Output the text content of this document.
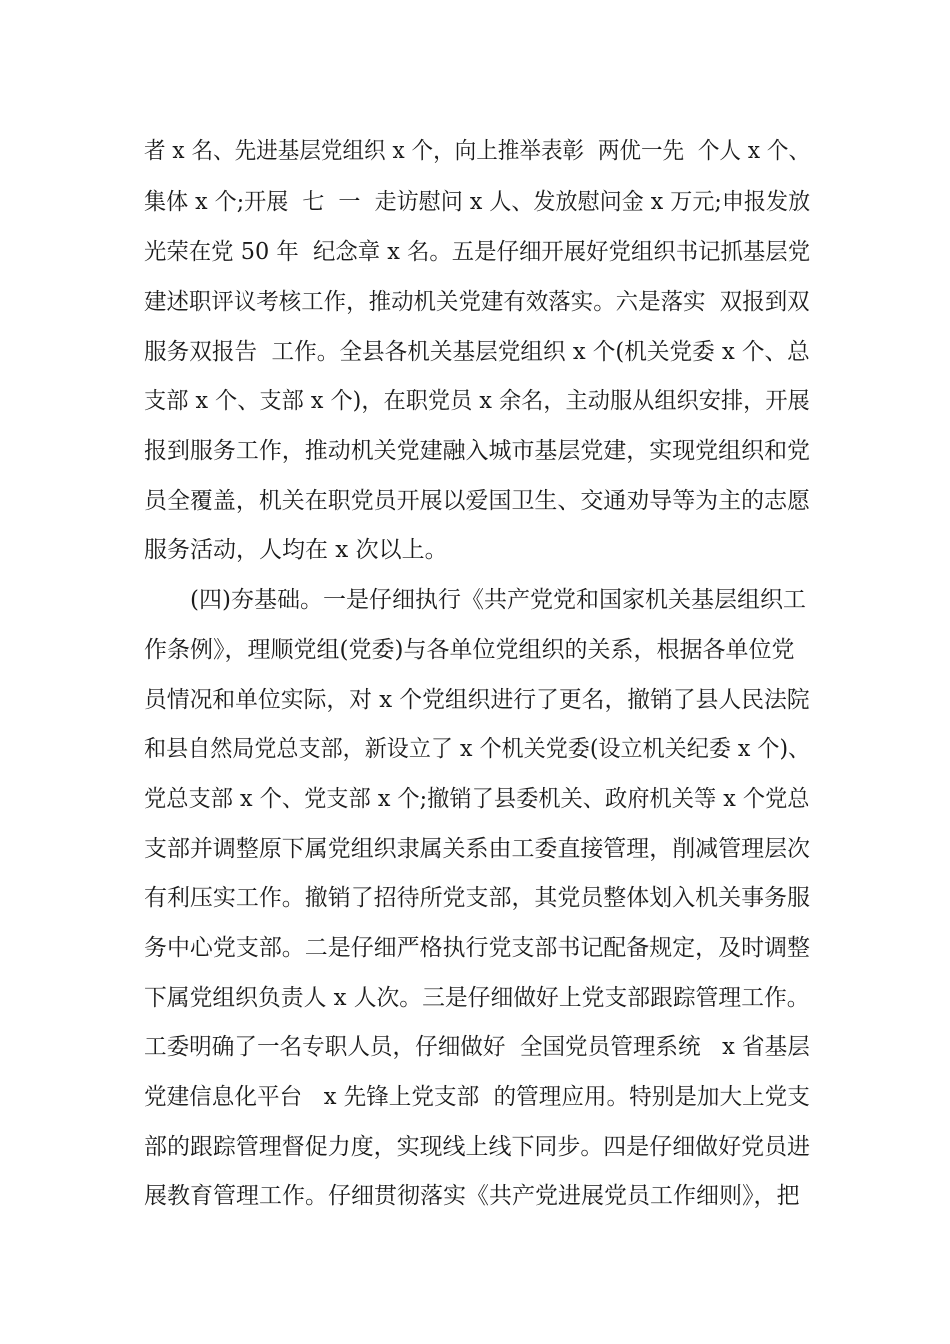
者 x 名、先进基层党组织 x 个，向上推举表彰  两优一先  个人 x 个、
集体 x 个;开展  七  一  走访慰问 x 人、发放慰问金 x 万元;申报发放
光荣在党 50 年  纪念章 x 名。五是仔细开展好党组织书记抓基层党
建述职评议考核工作，推动机关党建有效落实。六是落实  双报到双
服务双报告  工作。全县各机关基层党组织 x 个(机关党委 x 个、总
支部 x 个、支部 x 个)，在职党员 x 余名，主动服从组织安排，开展
报到服务工作，推动机关党建融入城市基层党建，实现党组织和党
员全覆盖，机关在职党员开展以爱国卫生、交通劝导等为主的志愿
服务活动，人均在 x 次以上。
(四)夯基础。一是仔细执行《共产党党和国家机关基层组织工
作条例》，理顺党组(党委)与各单位党组织的关系，根据各单位党
员情况和单位实际，对 x 个党组织进行了更名，撤销了县人民法院
和县自然局党总支部，新设立了 x 个机关党委(设立机关纪委 x 个)、
党总支部 x 个、党支部 x 个;撤销了县委机关、政府机关等 x 个党总
支部并调整原下属党组织隶属关系由工委直接管理，削减管理层次
有利压实工作。撤销了招待所党支部，其党员整体划入机关事务服
务中心党支部。二是仔细严格执行党支部书记配备规定，及时调整
下属党组织负责人 x 人次。三是仔细做好上党支部跟踪管理工作。
工委明确了一名专职人员，仔细做好  全国党员管理系统   x 省基层
党建信息化平台   x 先锋上党支部  的管理应用。特别是加大上党支
部的跟踪管理督促力度，实现线上线下同步。四是仔细做好党员进
展教育管理工作。仔细贯彻落实《共产党进展党员工作细则》，把
